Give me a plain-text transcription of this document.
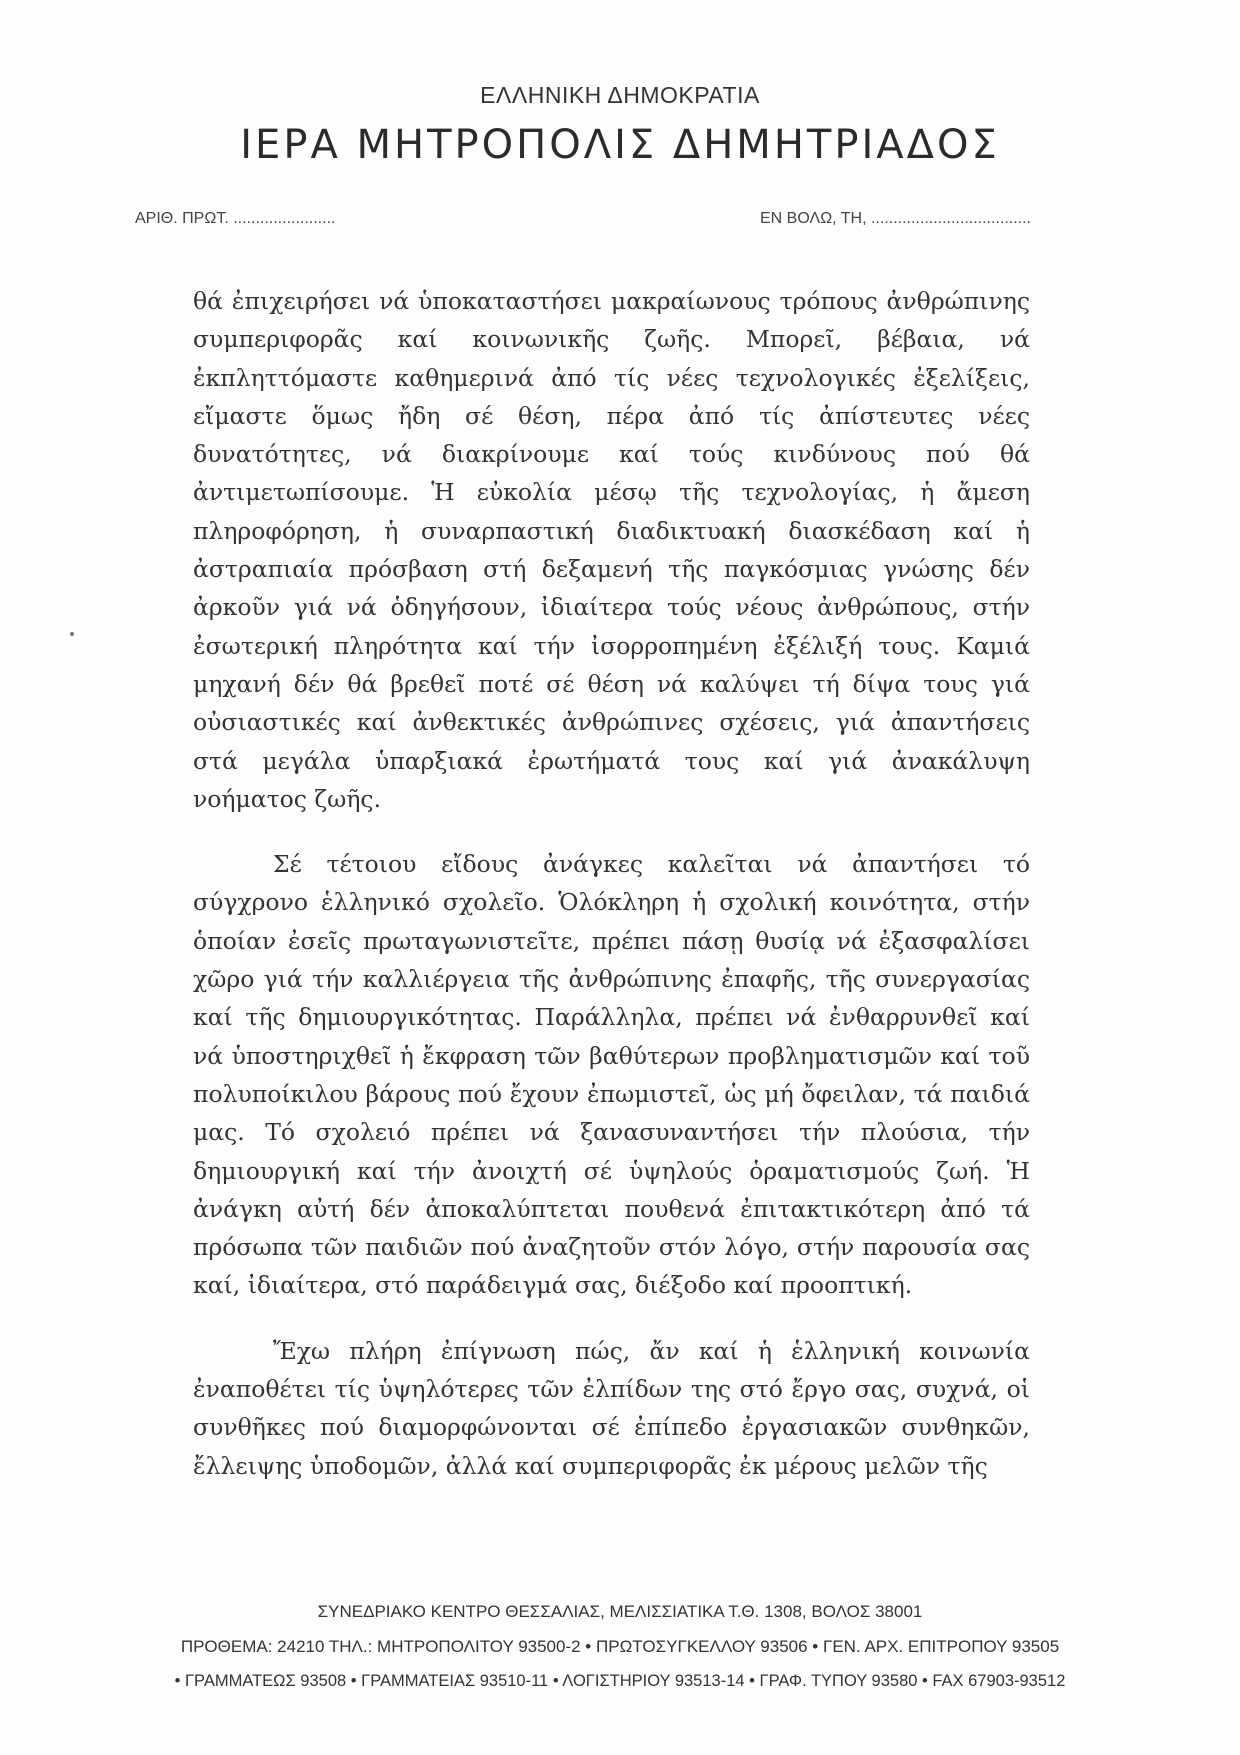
ΕΛΛΗΝΙΚΗ ΔΗΜΟΚΡΑΤΙΑ
ΙΕΡΑ ΜΗΤΡΟΠΟΛΙΣ ΔΗΜΗΤΡΙΑΔΟΣ
ΑΡΙΘ. ΠΡΩΤ. .......................	ΕΝ ΒΟΛΩ, ΤΗ, ....................................

θά ἐπιχειρήσει νά ὑποκαταστήσει μακραίωνους τρόπους ἀνθρώπινης συμπεριφορᾶς καί κοινωνικῆς ζωῆς. Μπορεῖ, βέβαια, νά ἐκπληττόμαστε καθημερινά ἀπό τίς νέες τεχνολογικές ἐξελίξεις, εἴμαστε ὅμως ἤδη σέ θέση, πέρα ἀπό τίς ἀπίστευτες νέες δυνατότητες, νά διακρίνουμε καί τούς κινδύνους πού θά ἀντιμετωπίσουμε. Ἡ εὐκολία μέσῳ τῆς τεχνολογίας, ἡ ἄμεση πληροφόρηση, ἡ συναρπαστική διαδικτυακή διασκέδαση καί ἡ ἀστραπιαία πρόσβαση στή δεξαμενή τῆς παγκόσμιας γνώσης δέν ἀρκοῦν γιά νά ὁδηγήσουν, ἰδιαίτερα τούς νέους ἀνθρώπους, στήν ἐσωτερική πληρότητα καί τήν ἰσορροπημένη ἐξέλιξή τους. Καμιά μηχανή δέν θά βρεθεῖ ποτέ σέ θέση νά καλύψει τή δίψα τους γιά οὐσιαστικές καί ἀνθεκτικές ἀνθρώπινες σχέσεις, γιά ἀπαντήσεις στά μεγάλα ὑπαρξιακά ἐρωτήματά τους καί γιά ἀνακάλυψη νοήματος ζωῆς.

Σέ τέτοιου εἴδους ἀνάγκες καλεῖται νά ἀπαντήσει τό σύγχρονο ἑλληνικό σχολεῖο. Ὁλόκληρη ἡ σχολική κοινότητα, στήν ὁποίαν ἐσεῖς πρωταγωνιστεῖτε, πρέπει πάσῃ θυσίᾳ νά ἐξασφαλίσει χῶρο γιά τήν καλλιέργεια τῆς ἀνθρώπινης ἐπαφῆς, τῆς συνεργασίας καί τῆς δημιουργικότητας. Παράλληλα, πρέπει νά ἐνθαρρυνθεῖ καί νά ὑποστηριχθεῖ ἡ ἔκφραση τῶν βαθύτερων προβληματισμῶν καί τοῦ πολυποίκιλου βάρους πού ἔχουν ἐπωμιστεῖ, ὡς μή ὄφειλαν, τά παιδιά μας. Τό σχολειό πρέπει νά ξανασυναντήσει τήν πλούσια, τήν δημιουργική καί τήν ἀνοιχτή σέ ὑψηλούς ὁραματισμούς ζωή. Ἡ ἀνάγκη αὐτή δέν ἀποκαλύπτεται πουθενά ἐπιτακτικότερη ἀπό τά πρόσωπα τῶν παιδιῶν πού ἀναζητοῦν στόν λόγο, στήν παρουσία σας καί, ἰδιαίτερα, στό παράδειγμά σας, διέξοδο καί προοπτική.

Ἔχω πλήρη ἐπίγνωση πώς, ἄν καί ἡ ἑλληνική κοινωνία ἐναποθέτει τίς ὑψηλότερες τῶν ἐλπίδων της στό ἔργο σας, συχνά, οἱ συνθῆκες πού διαμορφώνονται σέ ἐπίπεδο ἐργασιακῶν συνθηκῶν, ἔλλειψης ὑποδομῶν, ἀλλά καί συμπεριφορᾶς ἐκ μέρους μελῶν τῆς

ΣΥΝΕΔΡΙΑΚΟ ΚΕΝΤΡΟ ΘΕΣΣΑΛΙΑΣ, ΜΕΛΙΣΣΙΑΤΙΚΑ Τ.Θ. 1308, ΒΟΛΟΣ 38001
ΠΡΟΘΕΜΑ: 24210 ΤΗΛ.: ΜΗΤΡΟΠΟΛΙΤΟΥ 93500-2 • ΠΡΩΤΟΣΥΓΚΕΛΛΟΥ 93506 • ΓΕΝ. ΑΡΧ. ΕΠΙΤΡΟΠΟΥ 93505
• ΓΡΑΜΜΑΤΕΩΣ 93508 • ΓΡΑΜΜΑΤΕΙΑΣ 93510-11 • ΛΟΓΙΣΤΗΡΙΟΥ 93513-14 • ΓΡΑΦ. ΤΥΠΟΥ 93580 • FAX 67903-93512
